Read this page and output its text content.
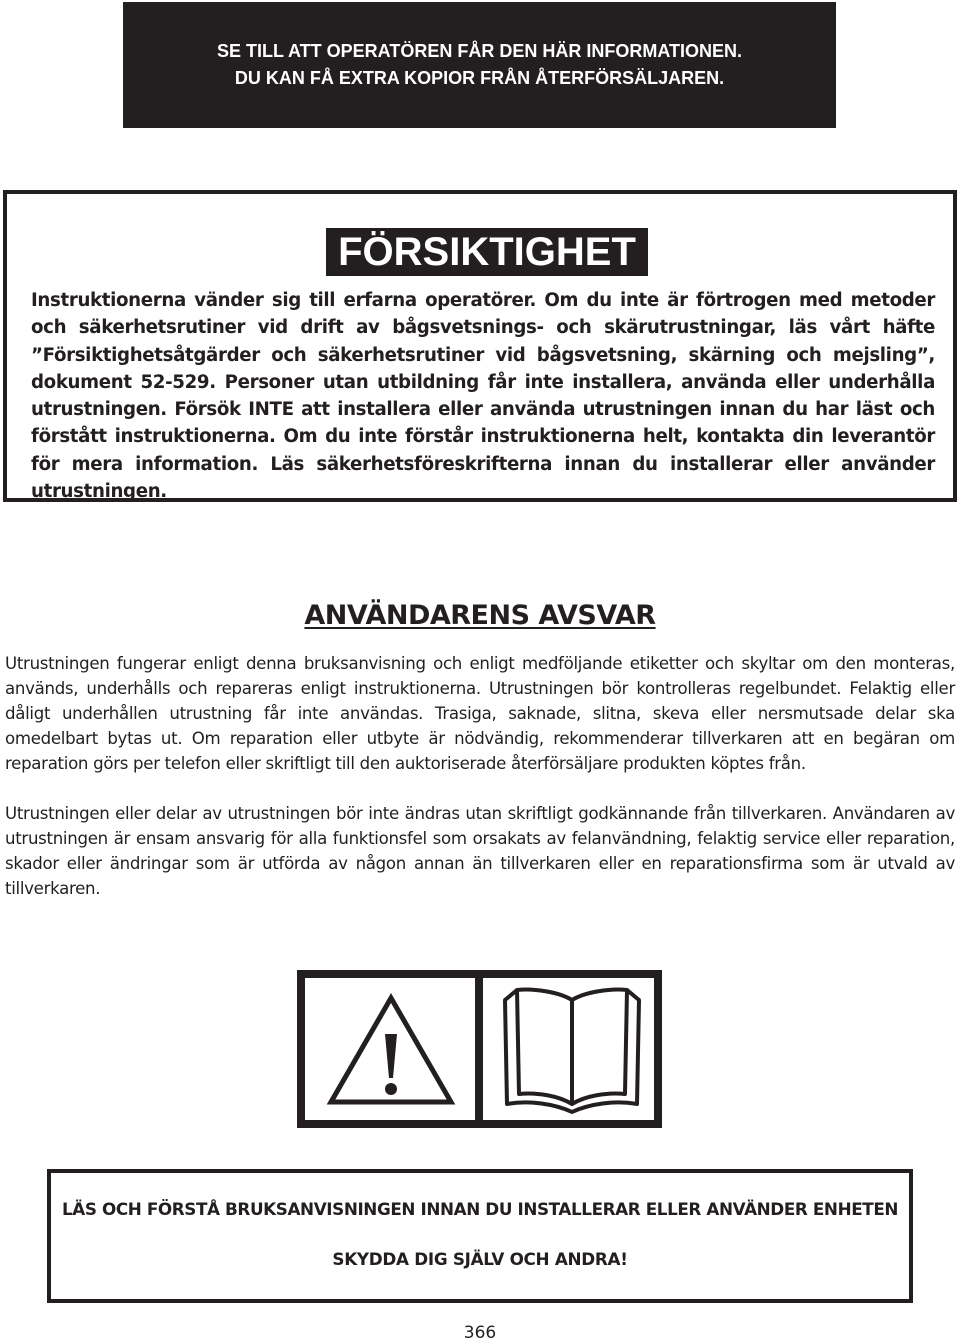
SE TILL ATT OPERATÖREN FÅR DEN HÄR INFORMATIONEN.
DU KAN FÅ EXTRA KOPIOR FRÅN ÅTERFÖRSÄLJAREN.
FÖRSIKTIGHET
Instruktionerna vänder sig till erfarna operatörer. Om du inte är förtrogen med metoder och säkerhetsrutiner vid drift av bågsvetsnings- och skärutrustningar, läs vårt häfte ”Försiktighetsåtgärder och säkerhetsrutiner vid bågsvetsning, skärning och mejsling”, dokument 52-529. Personer utan utbildning får inte installera, använda eller underhålla utrustningen. Försök INTE att installera eller använda utrustningen innan du har läst och förstått instruktionerna. Om du inte förstår instruktionerna helt, kontakta din leverantör för mera information. Läs säkerhetsföreskrifterna innan du installerar eller använder utrustningen.
ANVÄNDARENS AVSVAR
Utrustningen fungerar enligt denna bruksanvisning och enligt medföljande etiketter och skyltar om den monteras, används, underhålls och repareras enligt instruktionerna. Utrustningen bör kontrolleras regelbundet. Felaktig eller dåligt underhållen utrustning får inte användas. Trasiga, saknade, slitna, skeva eller nersmutsade delar ska omedelbart bytas ut. Om reparation eller utbyte är nödvändig, rekommenderar tillverkaren att en begäran om reparation görs per telefon eller skriftligt till den auktoriserade återförsäljare produkten köptes från.
Utrustningen eller delar av utrustningen bör inte ändras utan skriftligt godkännande från tillverkaren. Användaren av utrustningen är ensam ansvarig för alla funktionsfel som orsakats av felanvändning, felaktig service eller reparation, skador eller ändringar som är utförda av någon annan än tillverkaren eller en reparationsfirma som är utvald av tillverkaren.
LÄS OCH FÖRSTÅ BRUKSANVISNINGEN INNAN DU INSTALLERAR ELLER ANVÄNDER ENHETEN
SKYDDA DIG SJÄLV OCH ANDRA!
366
